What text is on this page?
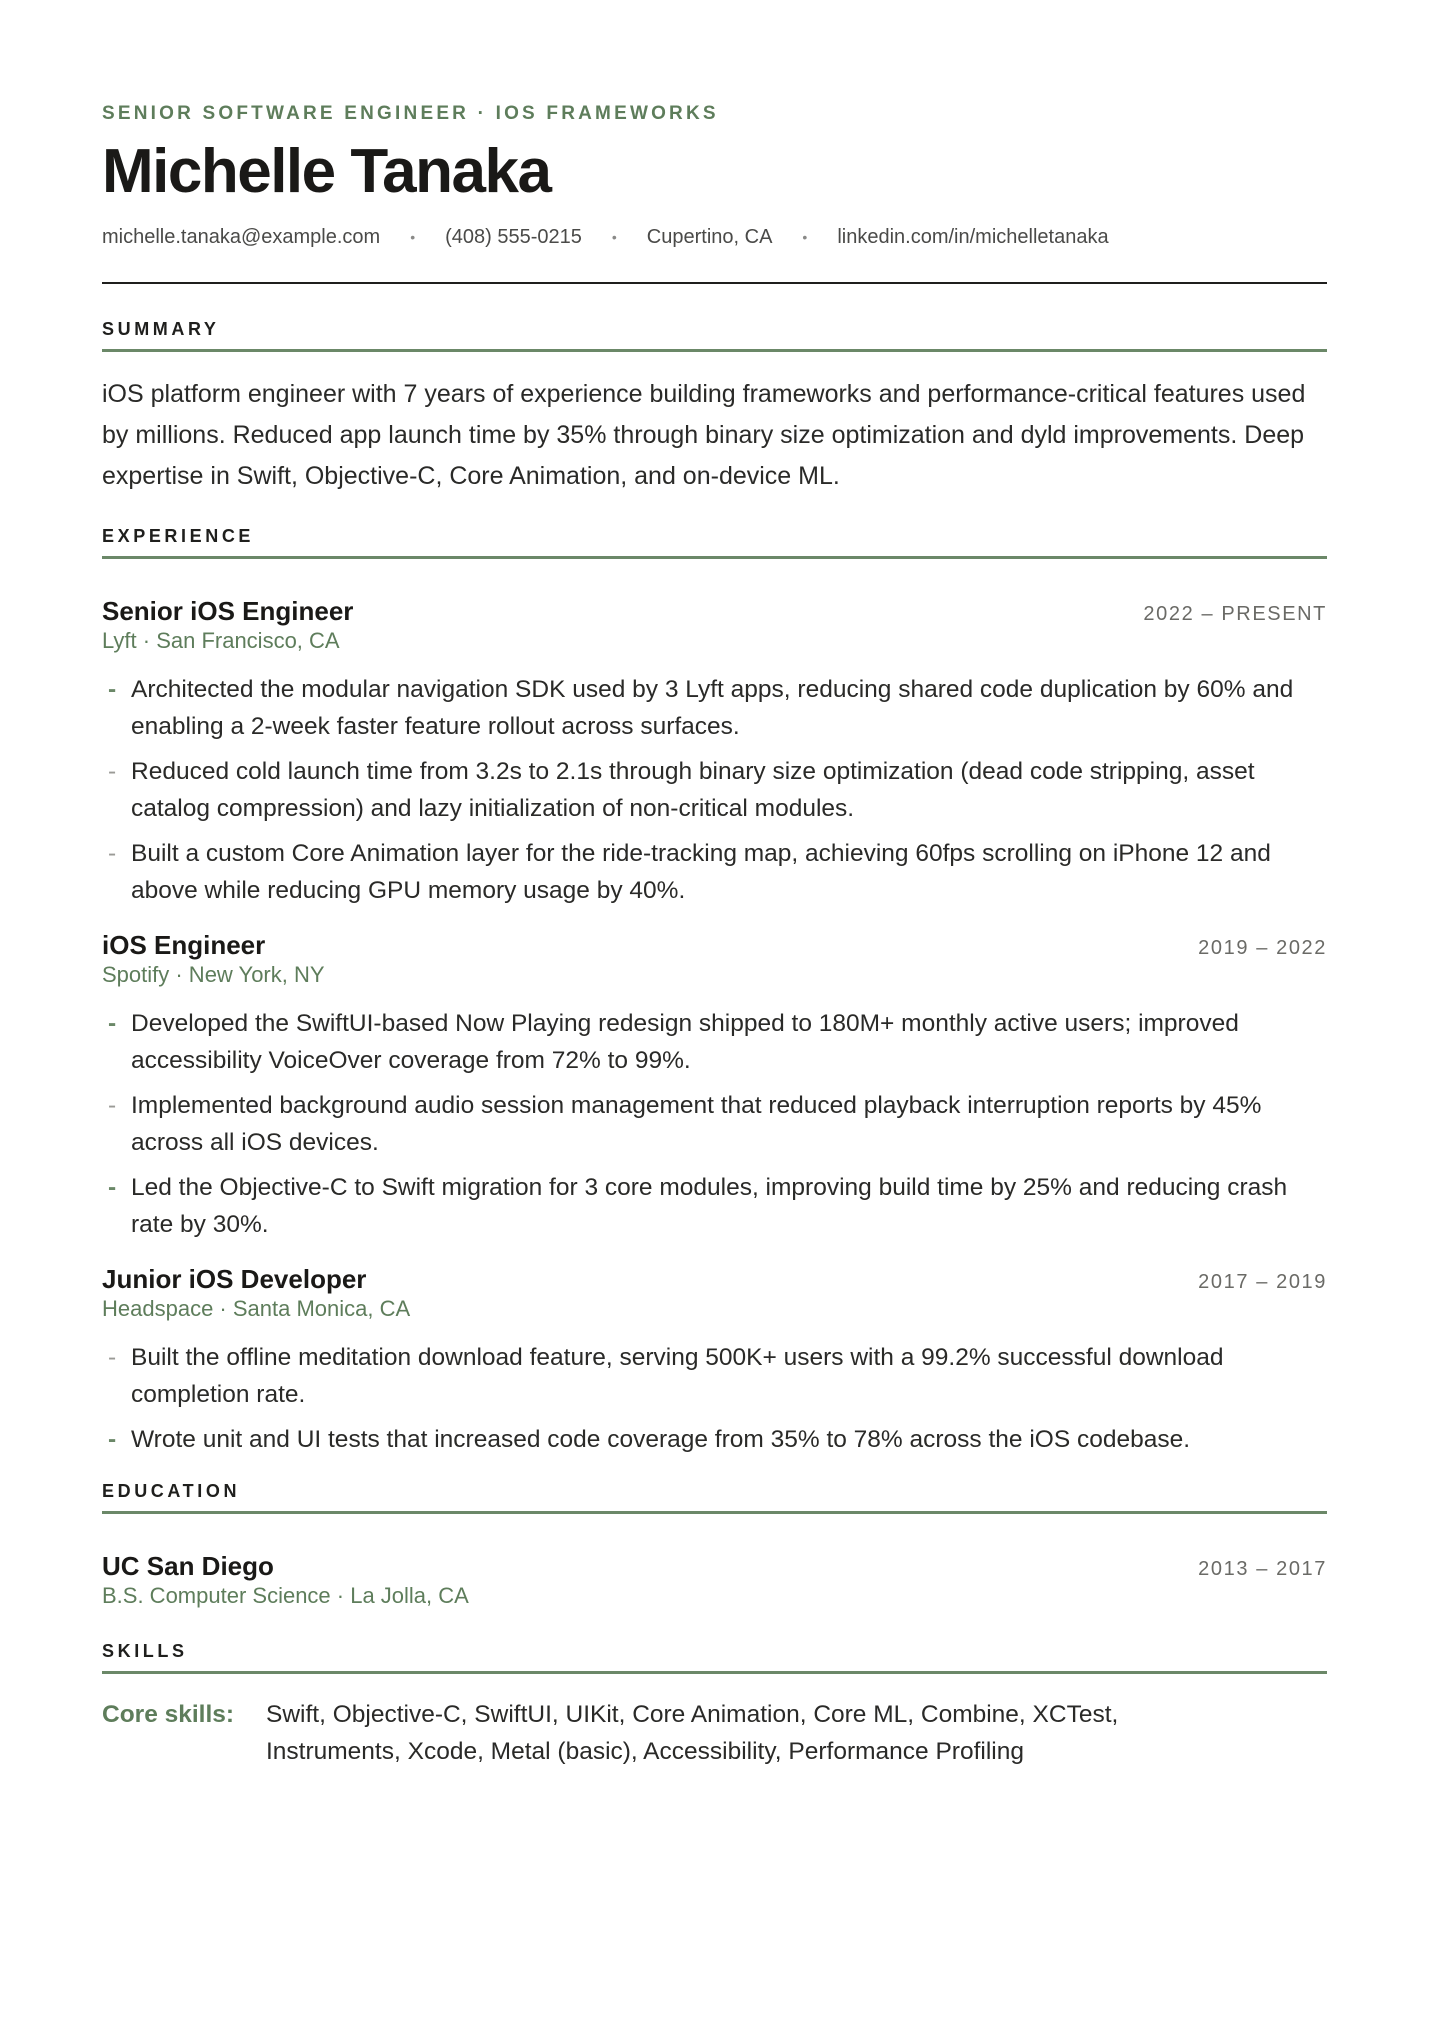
SENIOR SOFTWARE ENGINEER · IOS FRAMEWORKS
Michelle Tanaka
michelle.tanaka@example.com • (408) 555-0215 • Cupertino, CA • linkedin.com/in/michelletanaka
SUMMARY

iOS platform engineer with 7 years of experience building frameworks and performance-critical features used by millions. Reduced app launch time by 35% through binary size optimization and dyld improvements. Deep expertise in Swift, Objective-C, Core Animation, and on-device ML.

EXPERIENCE
Senior iOS Engineer	2022 – PRESENT
Lyft · San Francisco, CA
- Architected the modular navigation SDK used by 3 Lyft apps, reducing shared code duplication by 60% and enabling a 2-week faster feature rollout across surfaces.
- Reduced cold launch time from 3.2s to 2.1s through binary size optimization (dead code stripping, asset catalog compression) and lazy initialization of non-critical modules.
- Built a custom Core Animation layer for the ride-tracking map, achieving 60fps scrolling on iPhone 12 and above while reducing GPU memory usage by 40%.
iOS Engineer	2019 – 2022
Spotify · New York, NY
- Developed the SwiftUI-based Now Playing redesign shipped to 180M+ monthly active users; improved accessibility VoiceOver coverage from 72% to 99%.
- Implemented background audio session management that reduced playback interruption reports by 45% across all iOS devices.
- Led the Objective-C to Swift migration for 3 core modules, improving build time by 25% and reducing crash rate by 30%.
Junior iOS Developer	2017 – 2019
Headspace · Santa Monica, CA
- Built the offline meditation download feature, serving 500K+ users with a 99.2% successful download completion rate.
- Wrote unit and UI tests that increased code coverage from 35% to 78% across the iOS codebase.
EDUCATION
UC San Diego	2013 – 2017
B.S. Computer Science · La Jolla, CA
SKILLS
Core skills:	Swift, Objective-C, SwiftUI, UIKit, Core Animation, Core ML, Combine, XCTest, Instruments, Xcode, Metal (basic), Accessibility, Performance Profiling
